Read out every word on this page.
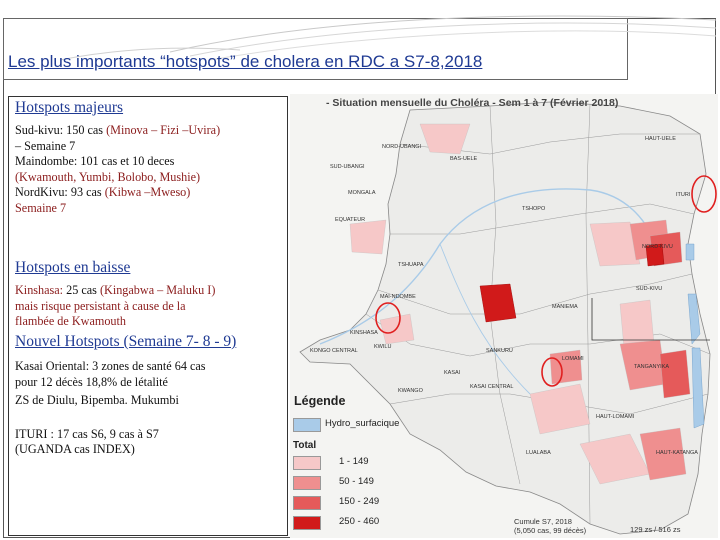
Les plus importants “hotspots” de cholera en RDC a S7-8,2018
Hotspots majeurs
Sud-kivu: 150 cas (Minova – Fizi –Uvira)
– Semaine 7
Maindombe: 101 cas et 10 deces
(Kwamouth, Yumbi, Bolobo, Mushie)
NordKivu: 93 cas (Kibwa –Mweso)
Semaine 7
Hotspots en baisse
Kinshasa: 25 cas (Kingabwa – Maluku I)
mais risque persistant à cause de la
flambée de Kwamouth
Nouvel Hotspots (Semaine 7- 8 - 9)
Kasai Oriental: 3 zones de santé 64 cas
pour 12 décès 18,8% de létalité
ZS de Diulu, Bipemba. Mukumbi
ITURI : 17 cas S6, 9 cas à S7
(UGANDA cas INDEX)
- Situation mensuelle du Choléra - Sem 1 à 7 (Février 2018)
BAS-UELE
HAUT-UELE
NORD-UBANGI
SUD-UBANGI
MONGALA
TSHOPO
EQUATEUR
ITURI
TSHUAPA
NORD-KIVU
MAI-NDOMBE
SANKURU
MANIEMA
SUD-KIVU
KINSHASA
KWILU
KONGO CENTRAL
KASAI
KASAI CENTRAL
LOMAMI
KWANGO
TANGANYIKA
HAUT-LOMAMI
HAUT-KATANGA
LUALABA
Légende
Hydro_surfacique
Total
1 - 149
50 - 149
150 - 249
250 - 460	Cumule S7, 2018
(5,050 cas, 99 décès)	129 zs / 516 zs
